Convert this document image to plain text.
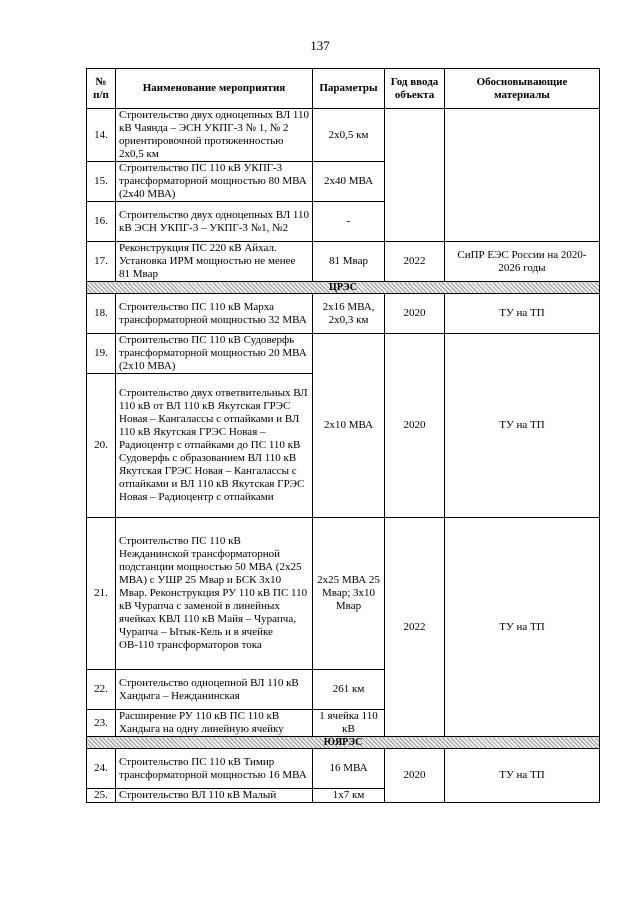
137
№ п/п	Наименование мероприятия	Параметры	Год ввода объекта	Обосновывающие материалы
14.	Строительство двух одноцепных ВЛ 110 кВ Чаянда – ЭСН УКПГ-3 № 1, № 2 ориентировочной протяженностью 2х0,5 км	2х0,5 км		
15.	Строительство ПС 110 кВ УКПГ-3 трансформаторной мощностью 80 МВА (2х40 МВА)	2х40 МВА		
16.	Строительство двух одноцепных ВЛ 110 кВ ЭСН УКПГ-3 – УКПГ-3 №1, №2	-		
17.	Реконструкция ПС 220 кВ Айхал. Установка ИРМ мощностью не менее 81 Мвар	81 Мвар	2022	СиПР ЕЭС России на 2020-2026 годы
ЦРЭС				
18.	Строительство ПС 110 кВ Марха трансформаторной мощностью 32 МВА	2х16 МВА, 2х0,3 км	2020	ТУ на ТП
19.	Строительство ПС 110 кВ Судоверфь трансформаторной мощностью 20 МВА (2х10 МВА)	2х10 МВА	2020	ТУ на ТП
20.	Строительство двух ответвительных ВЛ 110 кВ от ВЛ 110 кВ Якутская ГРЭС Новая – Кангалассы с отпайками и ВЛ 110 кВ Якутская ГРЭС Новая – Радиоцентр с отпайками до ПС 110 кВ Судоверфь с образованием ВЛ 110 кВ Якутская ГРЭС Новая – Кангалассы с отпайками и ВЛ 110 кВ Якутская ГРЭС Новая – Радиоцентр с отпайками			
21.	Строительство ПС 110 кВ Нежданинской трансформаторной подстанции мощностью 50 МВА (2х25 МВА) с УШР 25 Мвар и БСК 3х10 Мвар. Реконструкция РУ 110 кВ ПС 110 кВ Чурапча с заменой в линейных ячейках КВЛ 110 кВ Майя – Чурапча, Чурапча – Ытык-Кель и в ячейке ОВ-110 трансформаторов тока	2х25 МВА 25 Мвар; 3х10 Мвар	2022	ТУ на ТП
22.	Строительство одноцепной ВЛ 110 кВ Хандыга – Нежданинская	261 км		
23.	Расширение РУ 110 кВ ПС 110 кВ Хандыга на одну линейную ячейку	1 ячейка 110 кВ		
ЮЯРЭС				
24.	Строительство ПС 110 кВ Тимир трансформаторной мощностью 16 МВА	16 МВА	2020	ТУ на ТП
25.	Строительство ВЛ 110 кВ Малый	1х7 км		
